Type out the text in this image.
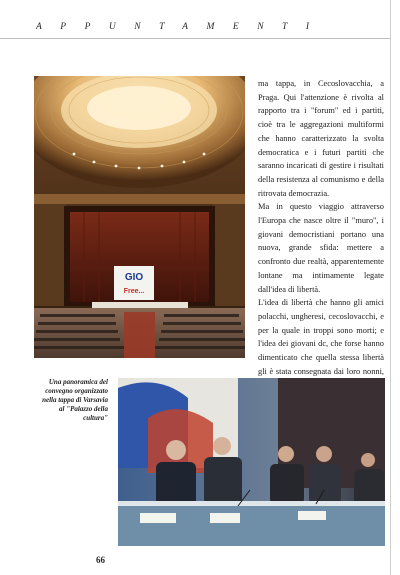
APPUNTAMENTI
GIO
Free...

ma tappa, in Cecoslovacchia, a Praga. Qui l'attenzione è rivolta al rapporto tra i "forum" ed i partiti, cioè tra le aggregazioni multiformi che hanno caratterizzato la svolta democratica e i futuri partiti che saranno incaricati di gestire i risultati della resistenza al comunismo e della ritrovata democrazia.

Ma in questo viaggio attraverso l'Europa che nasce oltre il "muro", i giovani democristiani portano una nuova, grande sfida: mettere a confronto due realtà, apparentemente lontane ma intimamente legate dall'idea di libertà.

L'idea di libertà che hanno gli amici polacchi, ungheresi, cecoslovacchi, e per la quale in troppi sono morti; e l'idea dei giovani dc, che forse hanno dimenticato che quella stessa libertà gli è stata consegnata dai loro nonni,

Una panoramica del convegno organizzato nella tappa di Varsavia al "Palazzo della cultura"
66
